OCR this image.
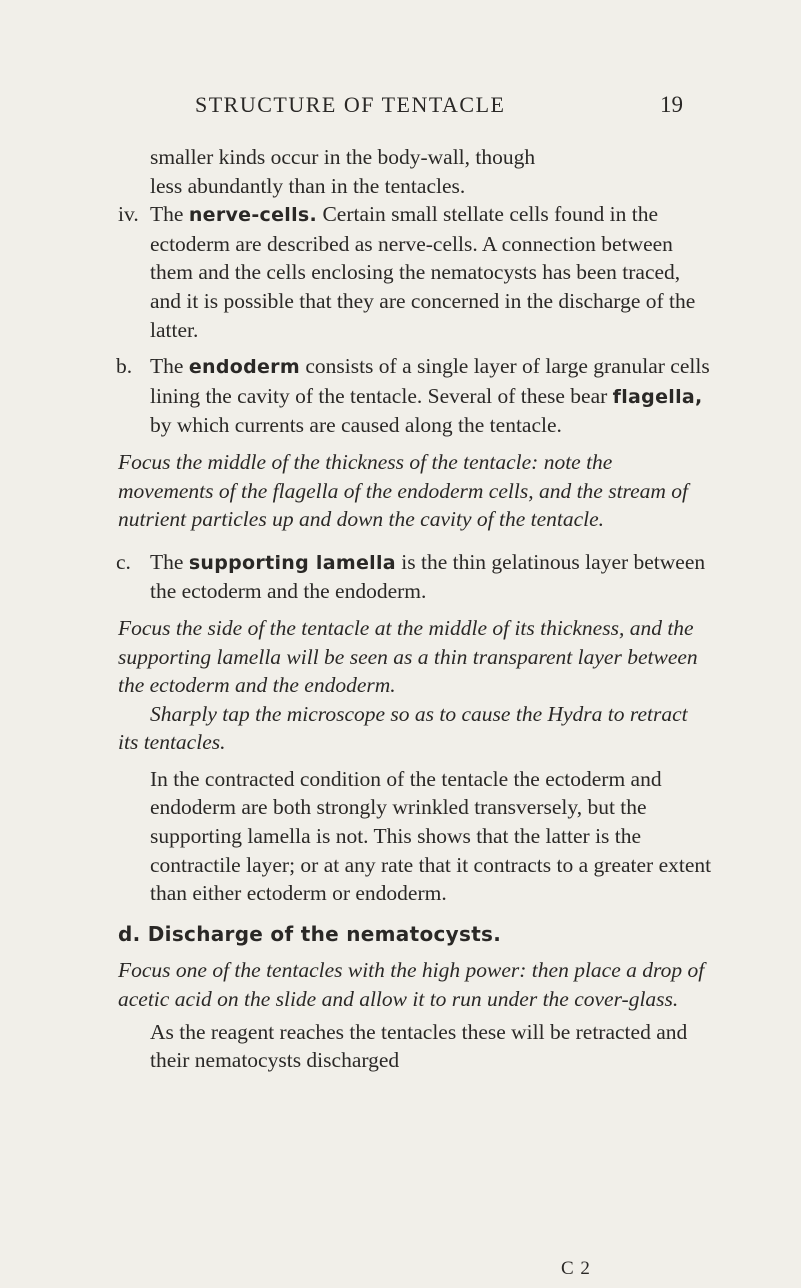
STRUCTURE OF TENTACLE	19

smaller kinds occur in the body-wall, though
less abundantly than in the tentacles.

iv. The nerve-cells. Certain small stellate cells found in the ectoderm are described as nerve-cells. A connection between them and the cells enclosing the nematocysts has been traced, and it is possible that they are concerned in the discharge of the latter.

b. The endoderm consists of a single layer of large granular cells lining the cavity of the tentacle. Several of these bear flagella, by which currents are caused along the tentacle.

Focus the middle of the thickness of the tentacle: note the movements of the flagella of the endoderm cells, and the stream of nutrient particles up and down the cavity of the tentacle.

c. The supporting lamella is the thin gelatinous layer between the ectoderm and the endoderm.

Focus the side of the tentacle at the middle of its thickness, and the supporting lamella will be seen as a thin transparent layer between the ectoderm and the endoderm.

Sharply tap the microscope so as to cause the Hydra to retract its tentacles.

In the contracted condition of the tentacle the ectoderm and endoderm are both strongly wrinkled transversely, but the supporting lamella is not. This shows that the latter is the contractile layer; or at any rate that it contracts to a greater extent than either ectoderm or endoderm.

d. Discharge of the nematocysts.

Focus one of the tentacles with the high power: then place a drop of acetic acid on the slide and allow it to run under the cover-glass.

As the reagent reaches the tentacles these will be retracted and their nematocysts discharged

C 2
